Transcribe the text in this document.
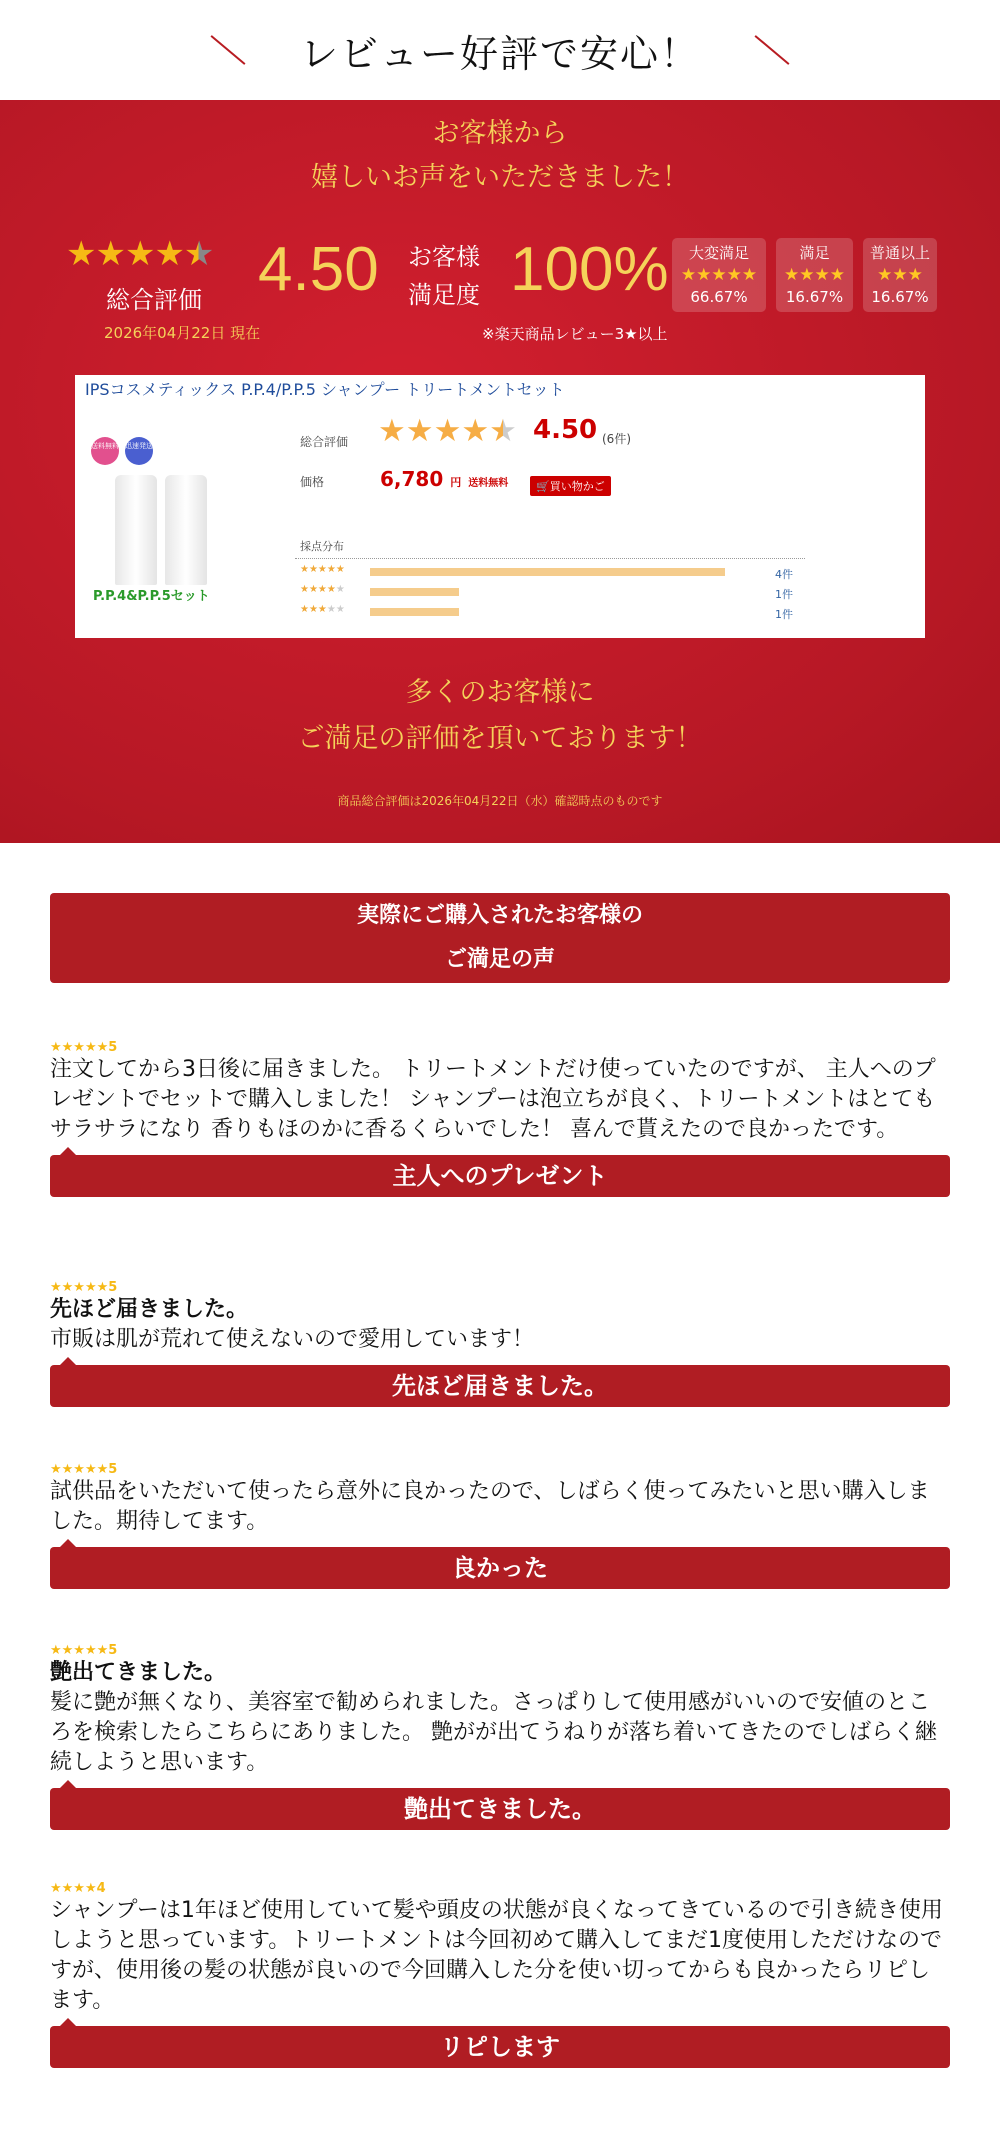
レビュー好評で安心！
お客様から
嬉しいお声をいただきました！
★★★★★
総合評価
2026年04月22日 現在
4.50 お客様
満足度 100%
※楽天商品レビュー3★以上
大変満足
★★★★★
66.67%
満足
★★★★
16.67%
普通以上
★★★
16.67%
多くのお客様に
ご満足の評価を頂いております！
商品総合評価は2026年04月22日（水）確認時点のものです
IPSコスメティックス P.P.4/P.P.5 シャンプー トリートメントセット
送料無料 迅速発送
P.P.4&P.P.5セット
総合評価 ★★★★★ 4.50 (6件)
価格	6,780 円 送料無料	🛒買い物かご
採点分布
★★★★★	4件
★★★★★	1件
★★★★★	1件
実際にご購入されたお客様の
ご満足の声
★★★★★5
注文してから3日後に届きました。 トリートメントだけ使っていたのですが、 主人へのプレゼントでセットで購入しました！ シャンプーは泡立ちが良く、トリートメントはとてもサラサラになり 香りもほのかに香るくらいでした！ 喜んで貰えたので良かったです。
主人へのプレゼント
★★★★★5
先ほど届きました。
市販は肌が荒れて使えないので愛用しています！
先ほど届きました。
★★★★★5
試供品をいただいて使ったら意外に良かったので、しばらく使ってみたいと思い購入しました。期待してます。
良かった
★★★★★5
艶出てきました。
髪に艶が無くなり、美容室で勧められました。さっぱりして使用感がいいので安値のところを検索したらこちらにありました。 艶がが出てうねりが落ち着いてきたのでしばらく継続しようと思います。
艶出てきました。
★★★★4
シャンプーは1年ほど使用していて髪や頭皮の状態が良くなってきているので引き続き使用しようと思っています。トリートメントは今回初めて購入してまだ1度使用しただけなのですが、使用後の髪の状態が良いので今回購入した分を使い切ってからも良かったらリピします。
リピします
